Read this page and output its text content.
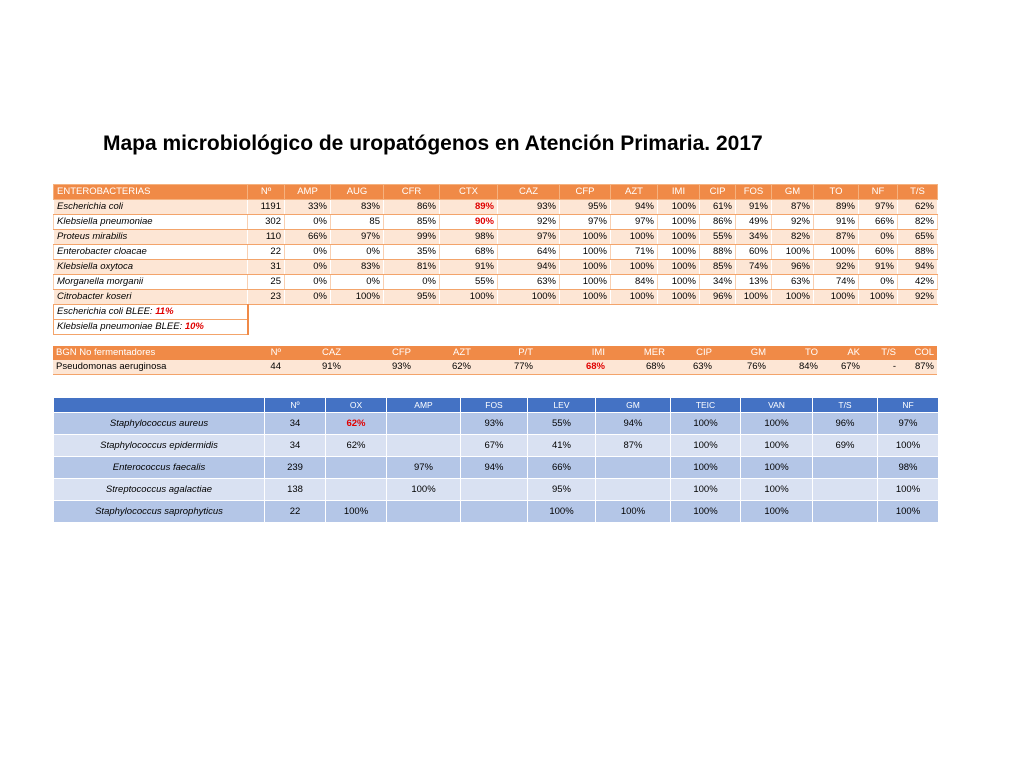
Mapa microbiológico de uropatógenos en Atención Primaria. 2017
ENTEROBACTERIAS	Nº	AMP	AUG	CFR	CTX	CAZ	CFP	AZT	IMI	CIP	FOS	GM	TO	NF	T/S
Escherichia coli	1191	33%	83%	86%	89%	93%	95%	94%	100%	61%	91%	87%	89%	97%	62%
Klebsiella pneumoniae	302	0%	85	85%	90%	92%	97%	97%	100%	86%	49%	92%	91%	66%	82%
Proteus mirabilis	110	66%	97%	99%	98%	97%	100%	100%	100%	55%	34%	82%	87%	0%	65%
Enterobacter cloacae	22	0%	0%	35%	68%	64%	100%	71%	100%	88%	60%	100%	100%	60%	88%
Klebsiella oxytoca	31	0%	83%	81%	91%	94%	100%	100%	100%	85%	74%	96%	92%	91%	94%
Morganella morganii	25	0%	0%	0%	55%	63%	100%	84%	100%	34%	13%	63%	74%	0%	42%
Citrobacter koseri	23	0%	100%	95%	100%	100%	100%	100%	100%	96%	100%	100%	100%	100%	92%
Escherichia coli BLEE: 11%															
Klebsiella pneumoniae BLEE: 10%															
BGN No fermentadores	Nº	CAZ	CFP	AZT	P/T	IMI	MER	CIP	GM	TO	AK	T/S	COL
Pseudomonas aeruginosa	44	91%	93%	62%	77%	68%	68%	63%	76%	84%	67%	-	87%
	Nº	OX	AMP	FOS	LEV	GM	TEIC	VAN	T/S	NF
Staphylococcus aureus	34	62%		93%	55%	94%	100%	100%	96%	97%
Staphylococcus epidermidis	34	62%		67%	41%	87%	100%	100%	69%	100%
Enterococcus faecalis	239		97%	94%	66%		100%	100%		98%
Streptococcus agalactiae	138		100%		95%		100%	100%		100%
Staphylococcus saprophyticus	22	100%			100%	100%	100%	100%		100%
